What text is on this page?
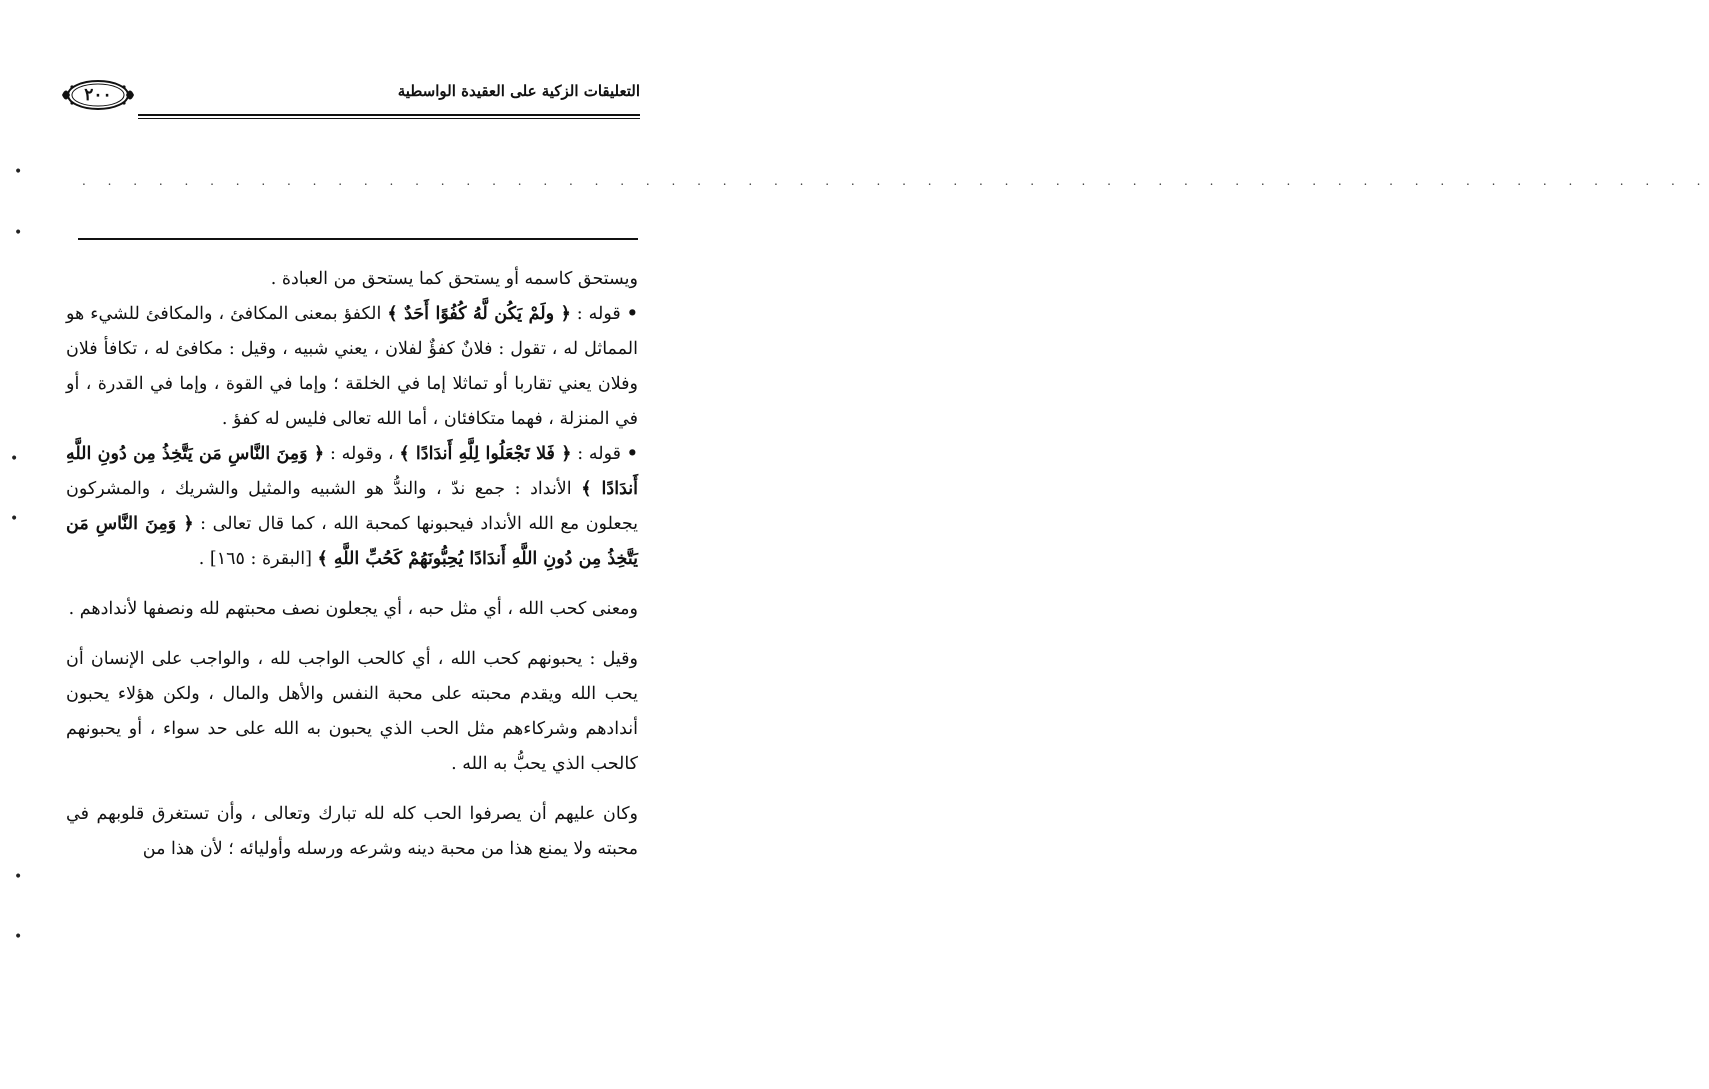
٢٠٠	التعليقات الزكية على العقيدة الواسطية
. . . . . . . . . . . . . . . . . . . . . . . . . . . . . . . . . . . . . . . . . . . . . . . . . . . . . . . . . . . . . . . .
•
•
•
•
•
•

ويستحق كاسمه أو يستحق كما يستحق من العبادة .

• قوله : ﴿ ولَمْ يَكُن لَّهُ كُفُوًا أَحَدٌ ﴾ الكفؤ بمعنى المكافئ ، والمكافئ للشيء هو المماثل له ، تقول : فلانٌ كفؤٌ لفلان ، يعني شبيه ، وقيل : مكافئ له ، تكافأ فلان وفلان يعني تقاربا أو تماثلا إما في الخلقة ؛ وإما في القوة ، وإما في القدرة ، أو في المنزلة ، فهما متكافئان ، أما الله تعالى فليس له كفؤ .

• قوله : ﴿ فَلا تَجْعَلُوا لِلَّهِ أَندَادًا ﴾ ، وقوله : ﴿ وَمِنَ النَّاسِ مَن يَتَّخِذُ مِن دُونِ اللَّهِ أَندَادًا ﴾ الأنداد : جمع ندّ ، والندُّ هو الشبيه والمثيل والشريك ، والمشركون يجعلون مع الله الأنداد فيحبونها كمحبة الله ، كما قال تعالى : ﴿ وَمِنَ النَّاسِ مَن يَتَّخِذُ مِن دُونِ اللَّهِ أَندَادًا يُحِبُّونَهُمْ كَحُبِّ اللَّهِ ﴾ [البقرة : ١٦٥] .

ومعنى كحب الله ، أي مثل حبه ، أي يجعلون نصف محبتهم لله ونصفها لأندادهم .

وقيل : يحبونهم كحب الله ، أي كالحب الواجب لله ، والواجب على الإنسان أن يحب الله ويقدم محبته على محبة النفس والأهل والمال ، ولكن هؤلاء يحبون أندادهم وشركاءهم مثل الحب الذي يحبون به الله على حد سواء ، أو يحبونهم كالحب الذي يحبُّ به الله .

وكان عليهم أن يصرفوا الحب كله لله تبارك وتعالى ، وأن تستغرق قلوبهم في محبته ولا يمنع هذا من محبة دينه وشرعه ورسله وأوليائه ؛ لأن هذا من
